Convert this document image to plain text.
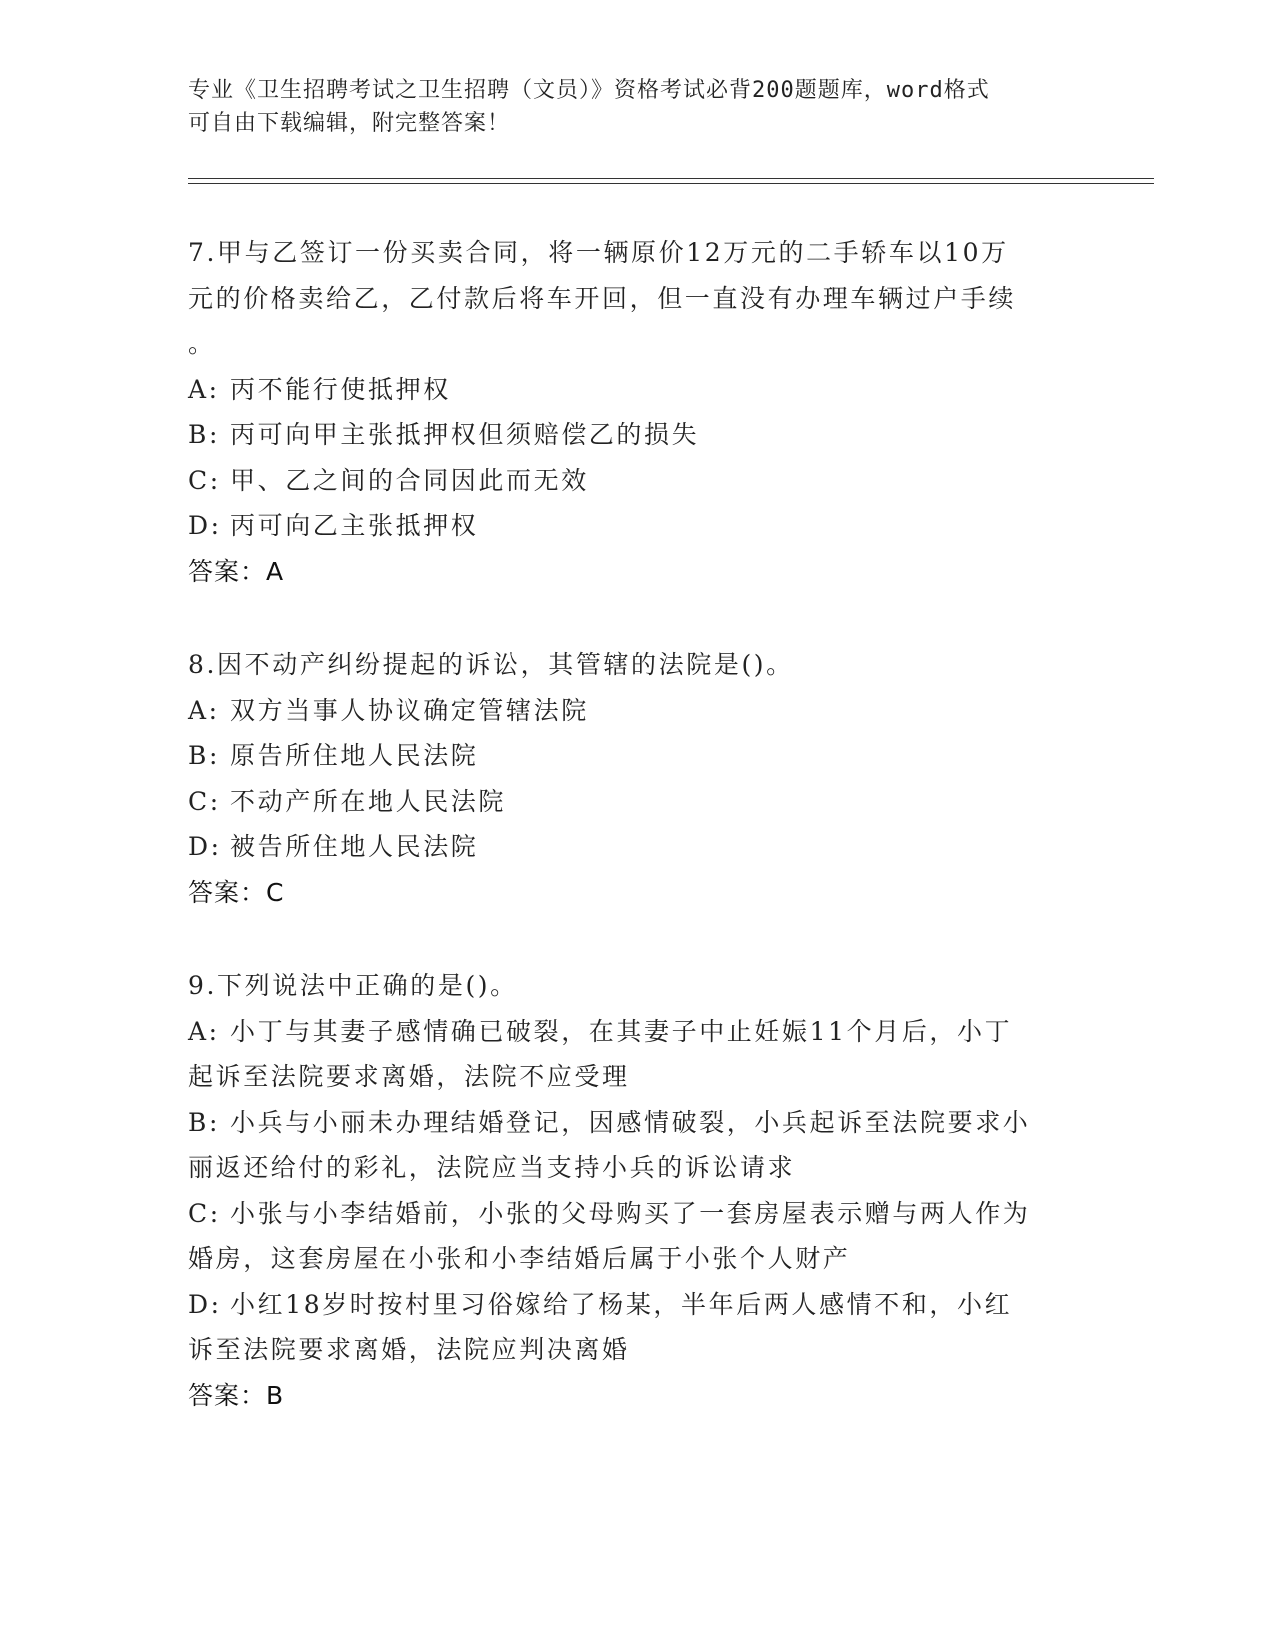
专业《卫生招聘考试之卫生招聘（文员）》资格考试必背200题题库，word格式
可自由下载编辑，附完整答案！
7.甲与乙签订一份买卖合同，将一辆原价12万元的二手轿车以10万
元的价格卖给乙，乙付款后将车开回，但一直没有办理车辆过户手续
。
A: 丙不能行使抵押权
B: 丙可向甲主张抵押权但须赔偿乙的损失
C: 甲、乙之间的合同因此而无效
D: 丙可向乙主张抵押权
答案：A
8.因不动产纠纷提起的诉讼，其管辖的法院是()。
A: 双方当事人协议确定管辖法院
B: 原告所住地人民法院
C: 不动产所在地人民法院
D: 被告所住地人民法院
答案：C
9.下列说法中正确的是()。
A: 小丁与其妻子感情确已破裂，在其妻子中止妊娠11个月后，小丁
起诉至法院要求离婚，法院不应受理
B: 小兵与小丽未办理结婚登记，因感情破裂，小兵起诉至法院要求小
丽返还给付的彩礼，法院应当支持小兵的诉讼请求
C: 小张与小李结婚前，小张的父母购买了一套房屋表示赠与两人作为
婚房，这套房屋在小张和小李结婚后属于小张个人财产
D: 小红18岁时按村里习俗嫁给了杨某，半年后两人感情不和，小红
诉至法院要求离婚，法院应判决离婚
答案：B
